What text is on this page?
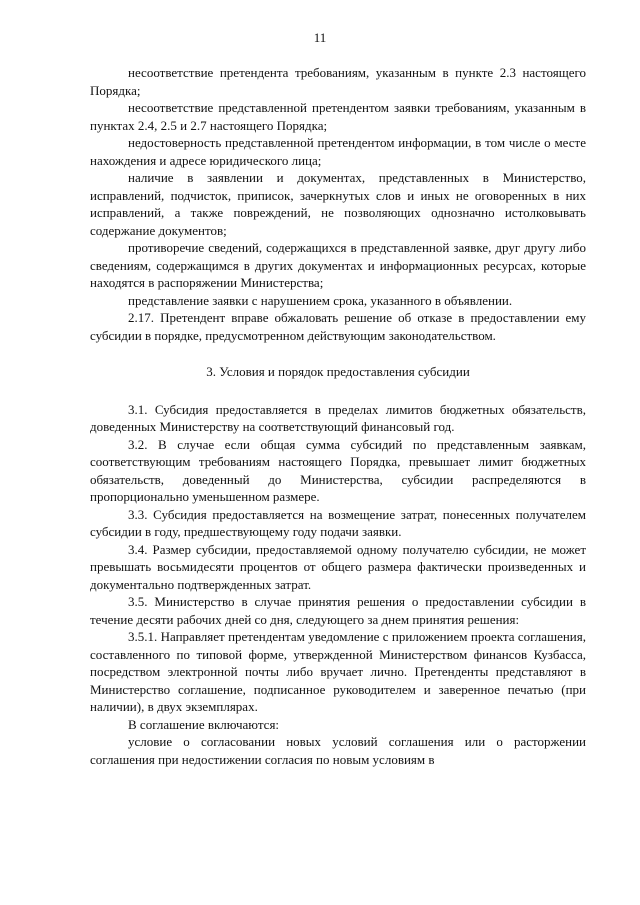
11

несоответствие претендента требованиям, указанным в пункте 2.3 настоящего Порядка;

несоответствие представленной претендентом заявки требованиям, указанным в пунктах 2.4, 2.5 и 2.7 настоящего Порядка;

недостоверность представленной претендентом информации, в том числе о месте нахождения и адресе юридического лица;

наличие в заявлении и документах, представленных в Министерство, исправлений, подчисток, приписок, зачеркнутых слов и иных не оговоренных в них исправлений, а также повреждений, не позволяющих однозначно истолковывать содержание документов;

противоречие сведений, содержащихся в представленной заявке, друг другу либо сведениям, содержащимся в других документах и информационных ресурсах, которые находятся в распоряжении Министерства;

представление заявки с нарушением срока, указанного в объявлении.

2.17. Претендент вправе обжаловать решение об отказе в предоставлении ему субсидии в порядке, предусмотренном действующим законодательством.

3. Условия и порядок предоставления субсидии

3.1. Субсидия предоставляется в пределах лимитов бюджетных обязательств, доведенных Министерству на соответствующий финансовый год.

3.2. В случае если общая сумма субсидий по представленным заявкам, соответствующим требованиям настоящего Порядка, превышает лимит бюджетных обязательств, доведенный до Министерства, субсидии распределяются в пропорционально уменьшенном размере.

3.3. Субсидия предоставляется на возмещение затрат, понесенных получателем субсидии в году, предшествующему году подачи заявки.

3.4. Размер субсидии, предоставляемой одному получателю субсидии, не может превышать восьмидесяти процентов от общего размера фактически произведенных и документально подтвержденных затрат.

3.5. Министерство в случае принятия решения о предоставлении субсидии в течение десяти рабочих дней со дня, следующего за днем принятия решения:

3.5.1. Направляет претендентам уведомление с приложением проекта соглашения, составленного по типовой форме, утвержденной Министерством финансов Кузбасса, посредством электронной почты либо вручает лично. Претенденты представляют в Министерство соглашение, подписанное руководителем и заверенное печатью (при наличии), в двух экземплярах.

В соглашение включаются:

условие о согласовании новых условий соглашения или о расторжении соглашения при недостижении согласия по новым условиям в
